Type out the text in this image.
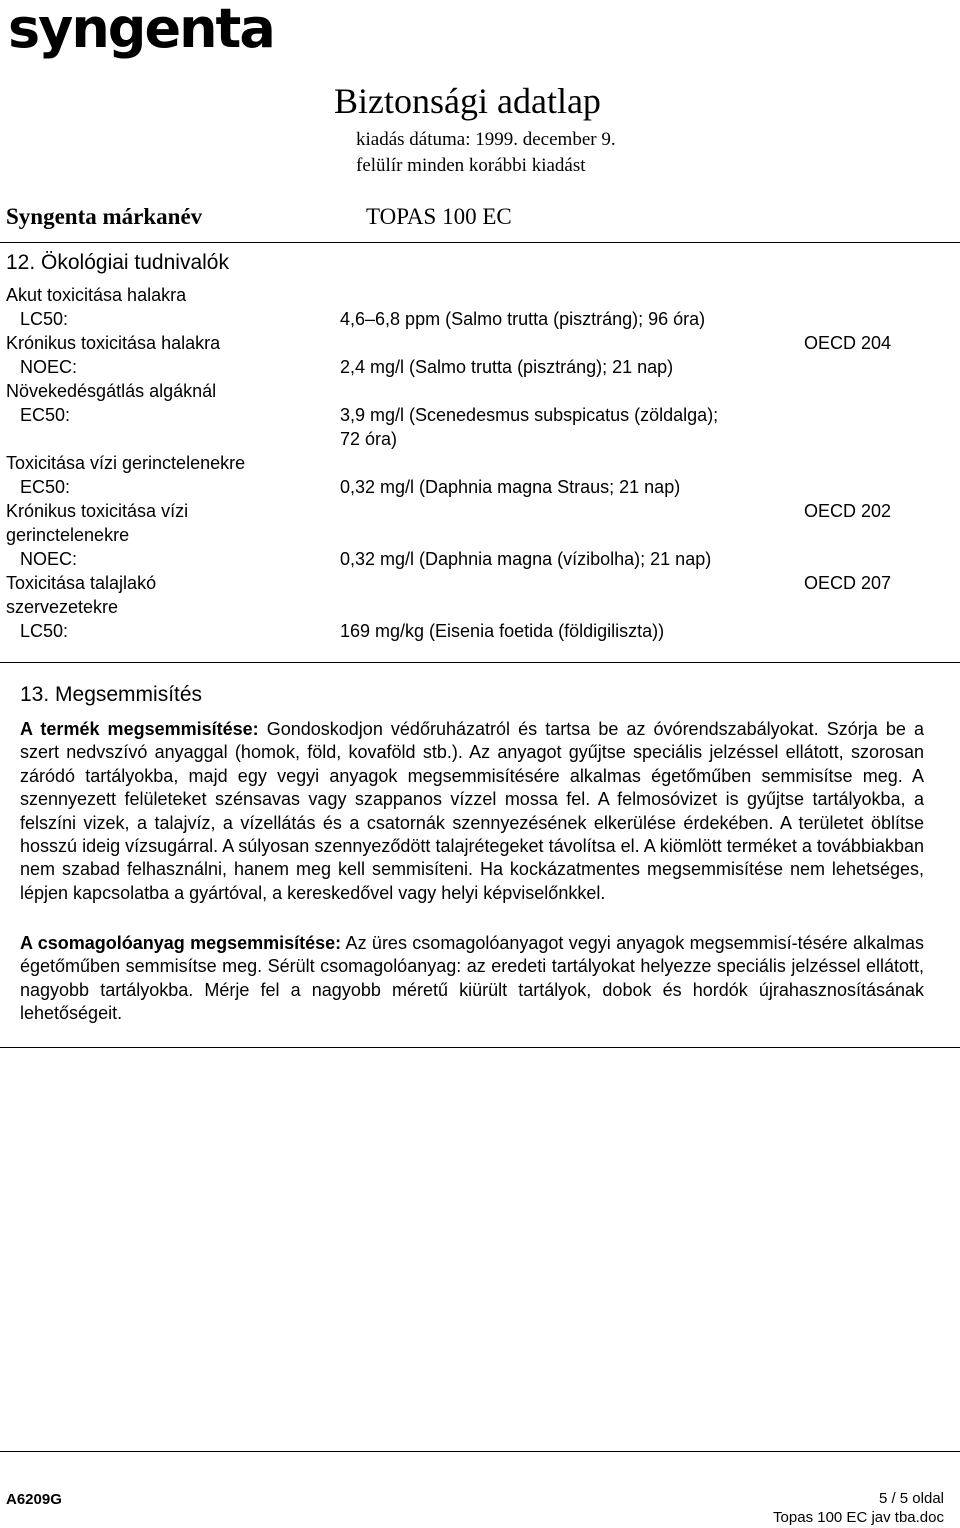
syngenta
Biztonsági adatlap
kiadás dátuma: 1999. december 9.
felülír minden korábbi kiadást
Syngenta márkanév	TOPAS 100 EC
12. Ökológiai tudnivalók
Akut toxicitása halakra
LC50:	4,6–6,8 ppm (Salmo trutta (pisztráng); 96 óra)
Krónikus toxicitása halakra	OECD 204
NOEC:	2,4 mg/l (Salmo trutta (pisztráng); 21 nap)
Növekedésgátlás algáknál
EC50:	3,9 mg/l (Scenedesmus subspicatus (zöldalga);
72 óra)
Toxicitása vízi gerinctelenekre
EC50:	0,32 mg/l (Daphnia magna Straus; 21 nap)
Krónikus toxicitása vízi	OECD 202
gerinctelenekre
NOEC:	0,32 mg/l (Daphnia magna (vízibolha); 21 nap)
Toxicitása talajlakó	OECD 207
szervezetekre
LC50:	169 mg/kg (Eisenia foetida (földigiliszta))
13. Megsemmisítés
A termék megsemmisítése: Gondoskodjon védőruházatról és tartsa be az óvórendszabályokat. Szórja be a szert nedvszívó anyaggal (homok, föld, kovaföld stb.). Az anyagot gyűjtse speciális jelzéssel ellátott, szorosan záródó tartályokba, majd egy vegyi anyagok megsemmisítésére alkalmas égetőműben semmisítse meg. A szennyezett felületeket szénsavas vagy szappanos vízzel mossa fel. A felmosóvizet is gyűjtse tartályokba, a felszíni vizek, a talajvíz, a vízellátás és a csatornák szennyezésének elkerülése érdekében. A területet öblítse hosszú ideig vízsugárral. A súlyosan szennyeződött talajrétegeket távolítsa el. A kiömlött terméket a továbbiakban nem szabad felhasználni, hanem meg kell semmisíteni. Ha kockázatmentes megsemmisítése nem lehetséges, lépjen kapcsolatba a gyártóval, a kereskedővel vagy helyi képviselőnkkel.
A csomagolóanyag megsemmisítése: Az üres csomagolóanyagot vegyi anyagok megsemmisí-tésére alkalmas égetőműben semmisítse meg. Sérült csomagolóanyag: az eredeti tartályokat helyezze speciális jelzéssel ellátott, nagyobb tartályokba. Mérje fel a nagyobb méretű kiürült tartályok, dobok és hordók újrahasznosításának lehetőségeit.
A6209G	5 / 5 oldal
Topas 100 EC jav tba.doc
